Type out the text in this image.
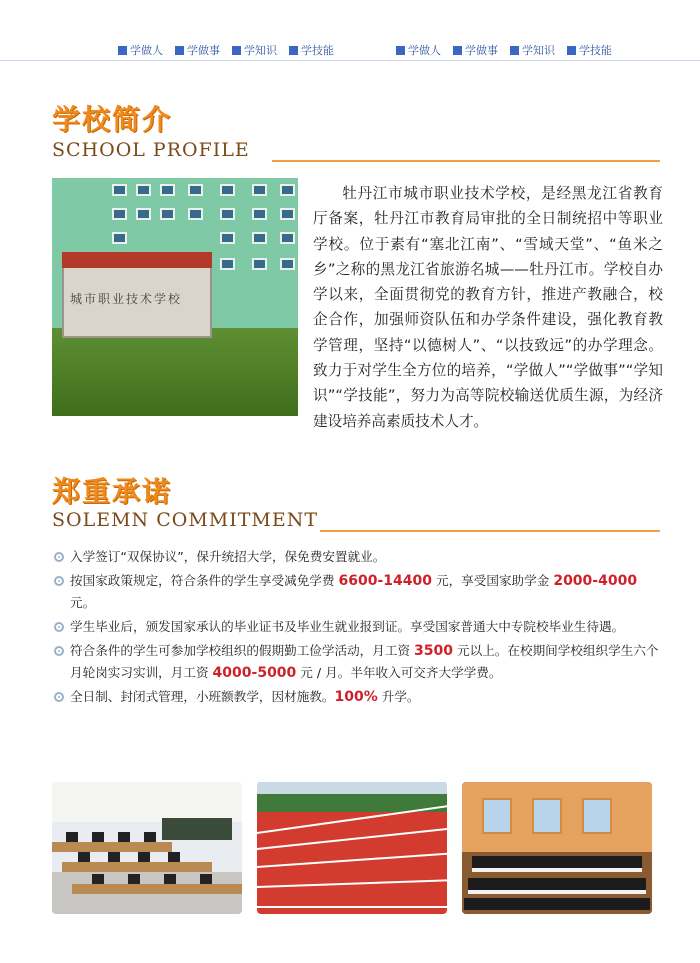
学做人 学做事 学知识 学技能	学做人 学做事 学知识 学技能
学校简介
SCHOOL PROFILE
城市职业技术学校

牡丹江市城市职业技术学校，是经黑龙江省教育厅备案，牡丹江市教育局审批的全日制统招中等职业学校。位于素有“塞北江南”、“雪域天堂”、“鱼米之乡”之称的黑龙江省旅游名城——牡丹江市。学校自办学以来，全面贯彻党的教育方针，推进产教融合，校企合作，加强师资队伍和办学条件建设，强化教育教学管理，坚持“以德树人”、“以技致远”的办学理念。致力于对学生全方位的培养，“学做人”“学做事”“学知识”“学技能”，努力为高等院校输送优质生源，为经济建设培养高素质技术人才。

郑重承诺
SOLEMN COMMITMENT
入学签订“双保协议”，保升统招大学，保免费安置就业。
按国家政策规定，符合条件的学生享受减免学费 6600-14400 元，享受国家助学金 2000-4000 元。
学生毕业后，颁发国家承认的毕业证书及毕业生就业报到证。享受国家普通大中专院校毕业生待遇。
符合条件的学生可参加学校组织的假期勤工俭学活动，月工资 3500 元以上。在校期间学校组织学生六个月轮岗实习实训，月工资 4000-5000 元 / 月。半年收入可交齐大学学费。
全日制、封闭式管理，小班额教学，因材施教。100% 升学。
